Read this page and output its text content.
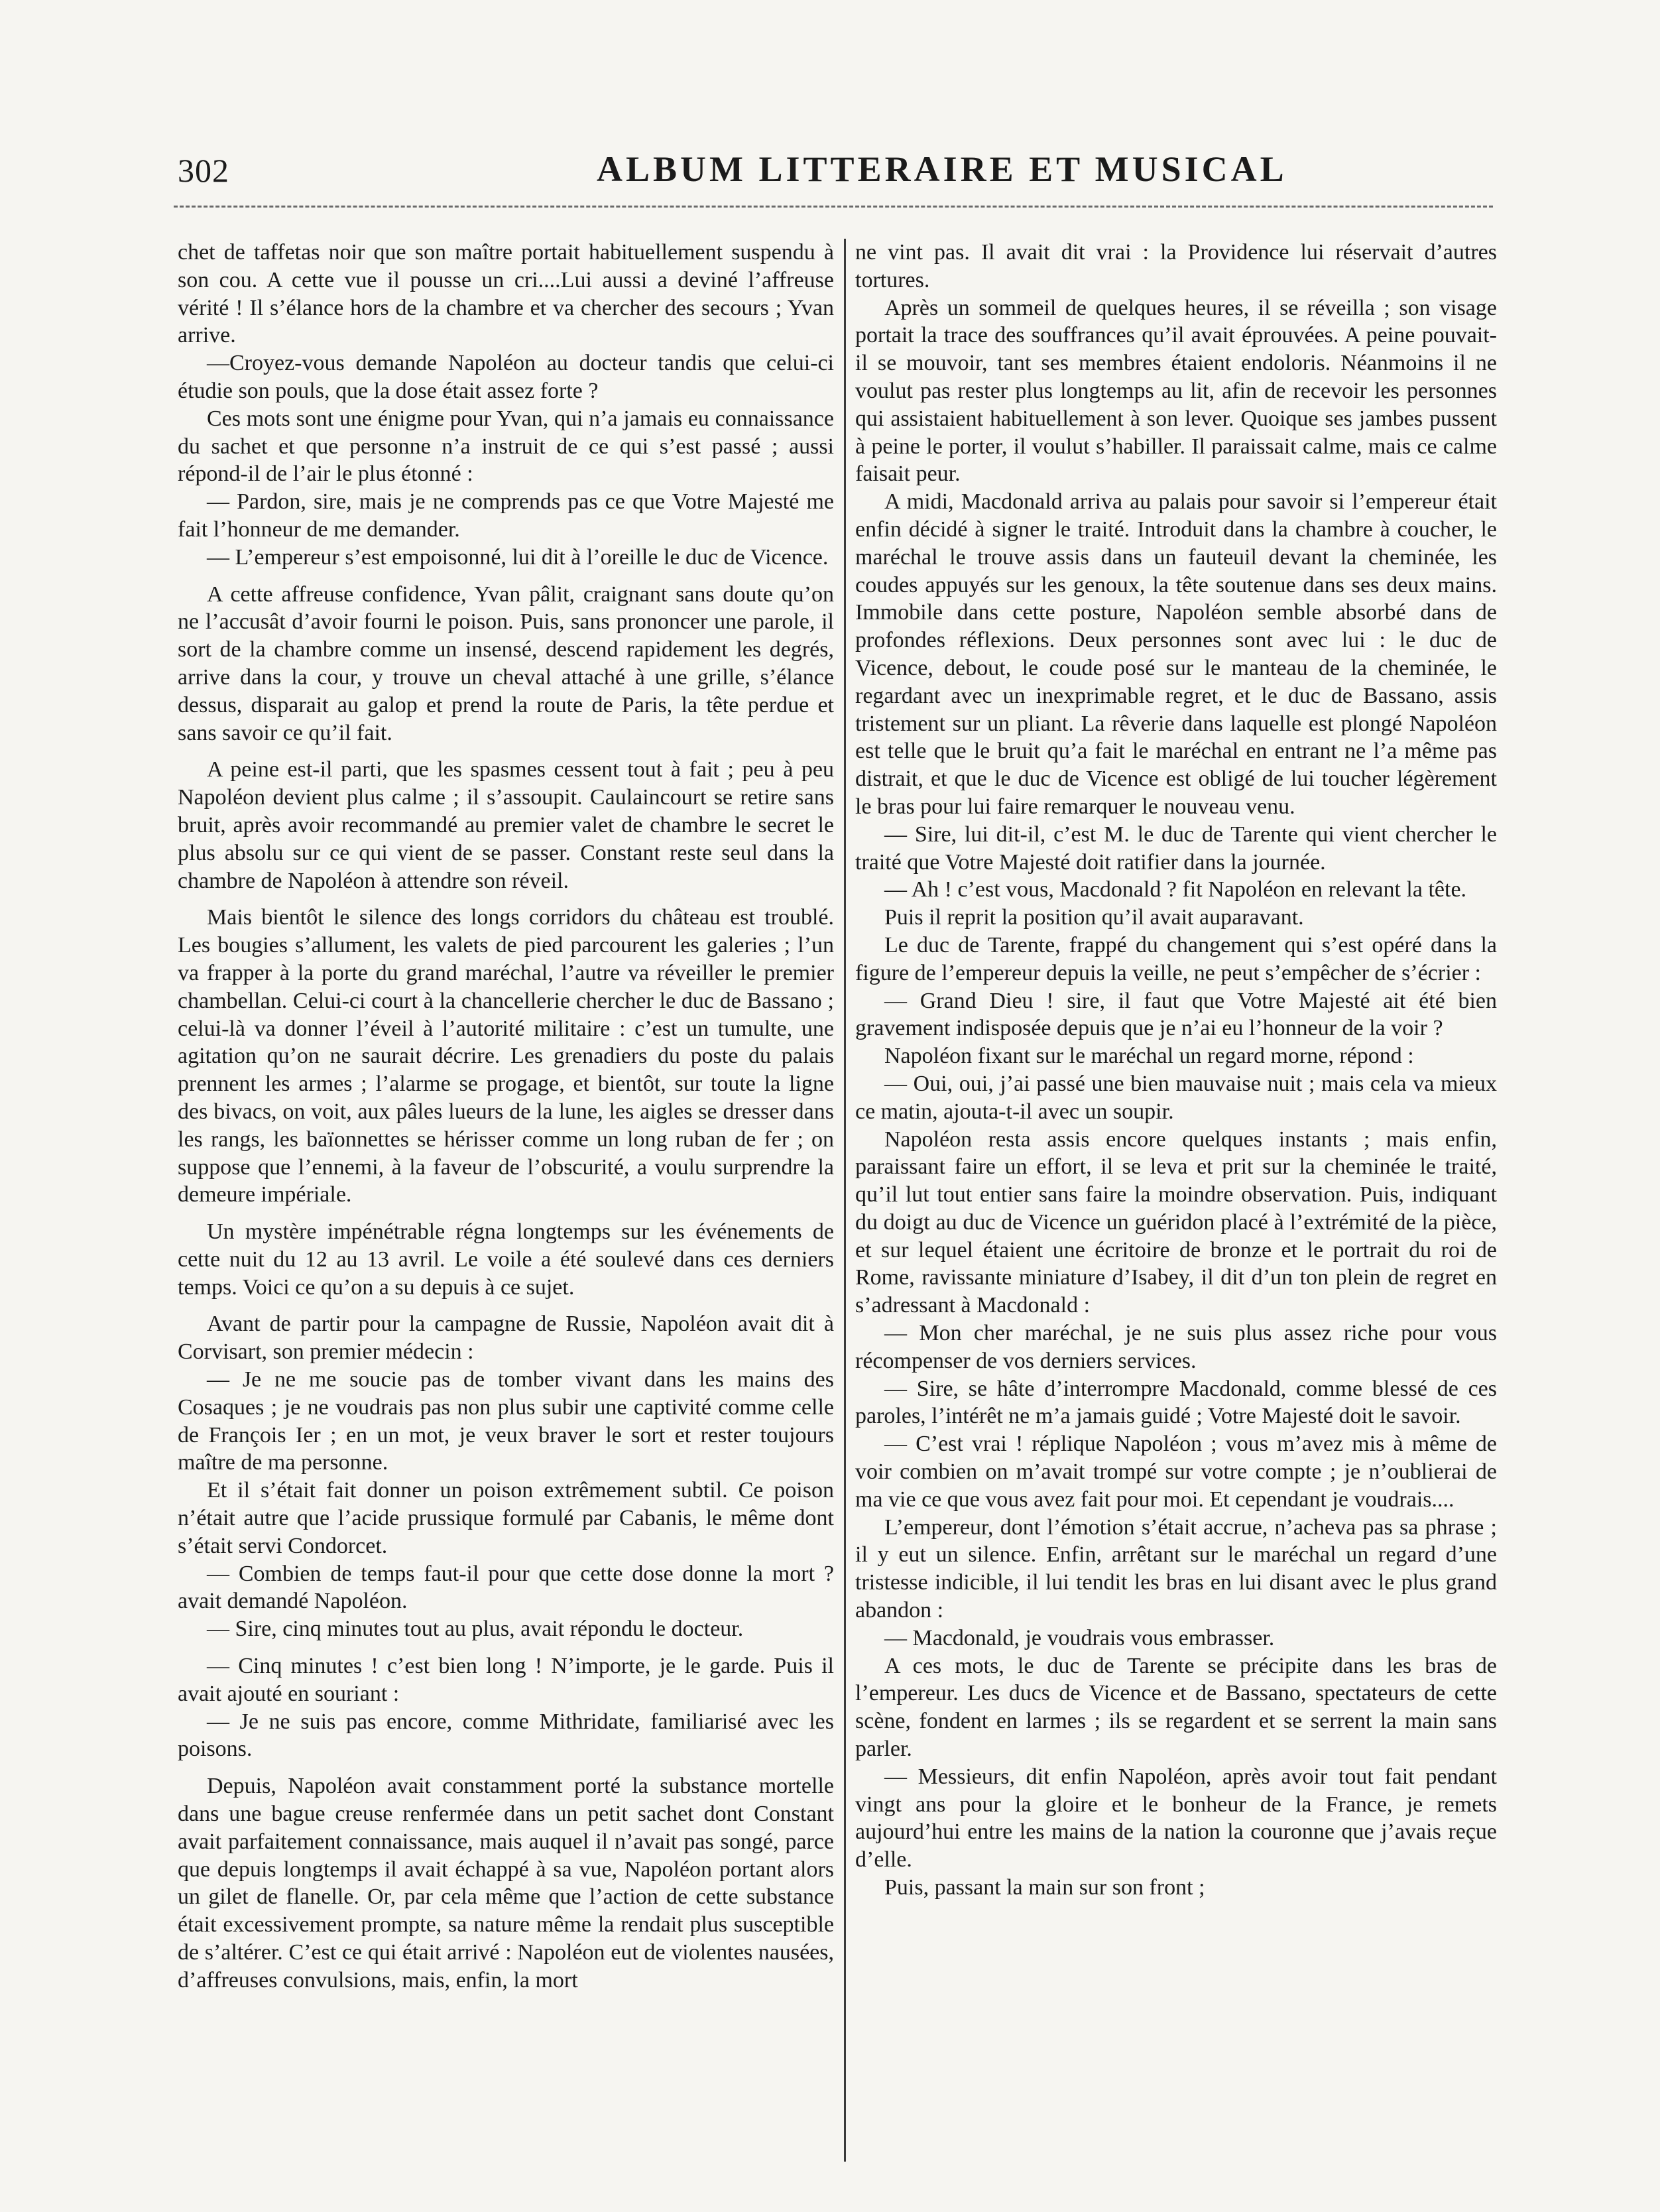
302	ALBUM LITTERAIRE ET MUSICAL

chet de taffetas noir que son maître portait habituellement suspendu à son cou. A cette vue il pousse un cri....Lui aussi a deviné l’affreuse vérité ! Il s’élance hors de la chambre et va chercher des secours ; Yvan arrive.

—Croyez-vous demande Napoléon au docteur tandis que celui-ci étudie son pouls, que la dose était assez forte ?

Ces mots sont une énigme pour Yvan, qui n’a jamais eu connaissance du sachet et que personne n’a instruit de ce qui s’est passé ; aussi répond-il de l’air le plus étonné :

— Pardon, sire, mais je ne comprends pas ce que Votre Majesté me fait l’honneur de me demander.

— L’empereur s’est empoisonné, lui dit à l’oreille le duc de Vicence.

A cette affreuse confidence, Yvan pâlit, craignant sans doute qu’on ne l’accusât d’avoir fourni le poison. Puis, sans prononcer une parole, il sort de la chambre comme un insensé, descend rapidement les degrés, arrive dans la cour, y trouve un cheval attaché à une grille, s’élance dessus, disparait au galop et prend la route de Paris, la tête perdue et sans savoir ce qu’il fait.

A peine est-il parti, que les spasmes cessent tout à fait ; peu à peu Napoléon devient plus calme ; il s’assoupit. Caulaincourt se retire sans bruit, après avoir recommandé au premier valet de chambre le secret le plus absolu sur ce qui vient de se passer. Constant reste seul dans la chambre de Napoléon à attendre son réveil.

Mais bientôt le silence des longs corridors du château est troublé. Les bougies s’allument, les valets de pied parcourent les galeries ; l’un va frapper à la porte du grand maréchal, l’autre va réveiller le premier chambellan. Celui-ci court à la chancellerie chercher le duc de Bassano ; celui-là va donner l’éveil à l’autorité militaire : c’est un tumulte, une agitation qu’on ne saurait décrire. Les grenadiers du poste du palais prennent les armes ; l’alarme se progage, et bientôt, sur toute la ligne des bivacs, on voit, aux pâles lueurs de la lune, les aigles se dresser dans les rangs, les baïonnettes se hérisser comme un long ruban de fer ; on suppose que l’ennemi, à la faveur de l’obscurité, a voulu surprendre la demeure impériale.

Un mystère impénétrable régna longtemps sur les événements de cette nuit du 12 au 13 avril. Le voile a été soulevé dans ces derniers temps. Voici ce qu’on a su depuis à ce sujet.

Avant de partir pour la campagne de Russie, Napoléon avait dit à Corvisart, son premier médecin :

— Je ne me soucie pas de tomber vivant dans les mains des Cosaques ; je ne voudrais pas non plus subir une captivité comme celle de François Ier ; en un mot, je veux braver le sort et rester toujours maître de ma personne.

Et il s’était fait donner un poison extrêmement subtil. Ce poison n’était autre que l’acide prussique formulé par Cabanis, le même dont s’était servi Condorcet.

— Combien de temps faut-il pour que cette dose donne la mort ? avait demandé Napoléon.

— Sire, cinq minutes tout au plus, avait répondu le docteur.

— Cinq minutes ! c’est bien long ! N’importe, je le garde. Puis il avait ajouté en souriant :

— Je ne suis pas encore, comme Mithridate, familiarisé avec les poisons.

Depuis, Napoléon avait constamment porté la substance mortelle dans une bague creuse renfermée dans un petit sachet dont Constant avait parfaitement connaissance, mais auquel il n’avait pas songé, parce que depuis longtemps il avait échappé à sa vue, Napoléon portant alors un gilet de flanelle. Or, par cela même que l’action de cette substance était excessivement prompte, sa nature même la rendait plus susceptible de s’altérer. C’est ce qui était arrivé : Napoléon eut de violentes nausées, d’affreuses convulsions, mais, enfin, la mort

ne vint pas. Il avait dit vrai : la Providence lui réservait d’autres tortures.

Après un sommeil de quelques heures, il se réveilla ; son visage portait la trace des souffrances qu’il avait éprouvées. A peine pouvait-il se mouvoir, tant ses membres étaient endoloris. Néanmoins il ne voulut pas rester plus longtemps au lit, afin de recevoir les personnes qui assistaient habituellement à son lever. Quoique ses jambes pussent à peine le porter, il voulut s’habiller. Il paraissait calme, mais ce calme faisait peur.

A midi, Macdonald arriva au palais pour savoir si l’empereur était enfin décidé à signer le traité. Introduit dans la chambre à coucher, le maréchal le trouve assis dans un fauteuil devant la cheminée, les coudes appuyés sur les genoux, la tête soutenue dans ses deux mains. Immobile dans cette posture, Napoléon semble absorbé dans de profondes réflexions. Deux personnes sont avec lui : le duc de Vicence, debout, le coude posé sur le manteau de la cheminée, le regardant avec un inexprimable regret, et le duc de Bassano, assis tristement sur un pliant. La rêverie dans laquelle est plongé Napoléon est telle que le bruit qu’a fait le maréchal en entrant ne l’a même pas distrait, et que le duc de Vicence est obligé de lui toucher légèrement le bras pour lui faire remarquer le nouveau venu.

— Sire, lui dit-il, c’est M. le duc de Tarente qui vient chercher le traité que Votre Majesté doit ratifier dans la journée.

— Ah ! c’est vous, Macdonald ? fit Napoléon en relevant la tête.

Puis il reprit la position qu’il avait auparavant.

Le duc de Tarente, frappé du changement qui s’est opéré dans la figure de l’empereur depuis la veille, ne peut s’empêcher de s’écrier :

— Grand Dieu ! sire, il faut que Votre Majesté ait été bien gravement indisposée depuis que je n’ai eu l’honneur de la voir ?

Napoléon fixant sur le maréchal un regard morne, répond :

— Oui, oui, j’ai passé une bien mauvaise nuit ; mais cela va mieux ce matin, ajouta-t-il avec un soupir.

Napoléon resta assis encore quelques instants ; mais enfin, paraissant faire un effort, il se leva et prit sur la cheminée le traité, qu’il lut tout entier sans faire la moindre observation. Puis, indiquant du doigt au duc de Vicence un guéridon placé à l’extrémité de la pièce, et sur lequel étaient une écritoire de bronze et le portrait du roi de Rome, ravissante miniature d’Isabey, il dit d’un ton plein de regret en s’adressant à Macdonald :

— Mon cher maréchal, je ne suis plus assez riche pour vous récompenser de vos derniers services.

— Sire, se hâte d’interrompre Macdonald, comme blessé de ces paroles, l’intérêt ne m’a jamais guidé ; Votre Majesté doit le savoir.

— C’est vrai ! réplique Napoléon ; vous m’avez mis à même de voir combien on m’avait trompé sur votre compte ; je n’oublierai de ma vie ce que vous avez fait pour moi. Et cependant je voudrais....

L’empereur, dont l’émotion s’était accrue, n’acheva pas sa phrase ; il y eut un silence. Enfin, arrêtant sur le maréchal un regard d’une tristesse indicible, il lui tendit les bras en lui disant avec le plus grand abandon :

— Macdonald, je voudrais vous embrasser.

A ces mots, le duc de Tarente se précipite dans les bras de l’empereur. Les ducs de Vicence et de Bassano, spectateurs de cette scène, fondent en larmes ; ils se regardent et se serrent la main sans parler.

— Messieurs, dit enfin Napoléon, après avoir tout fait pendant vingt ans pour la gloire et le bonheur de la France, je remets aujourd’hui entre les mains de la nation la couronne que j’avais reçue d’elle.

Puis, passant la main sur son front ;
